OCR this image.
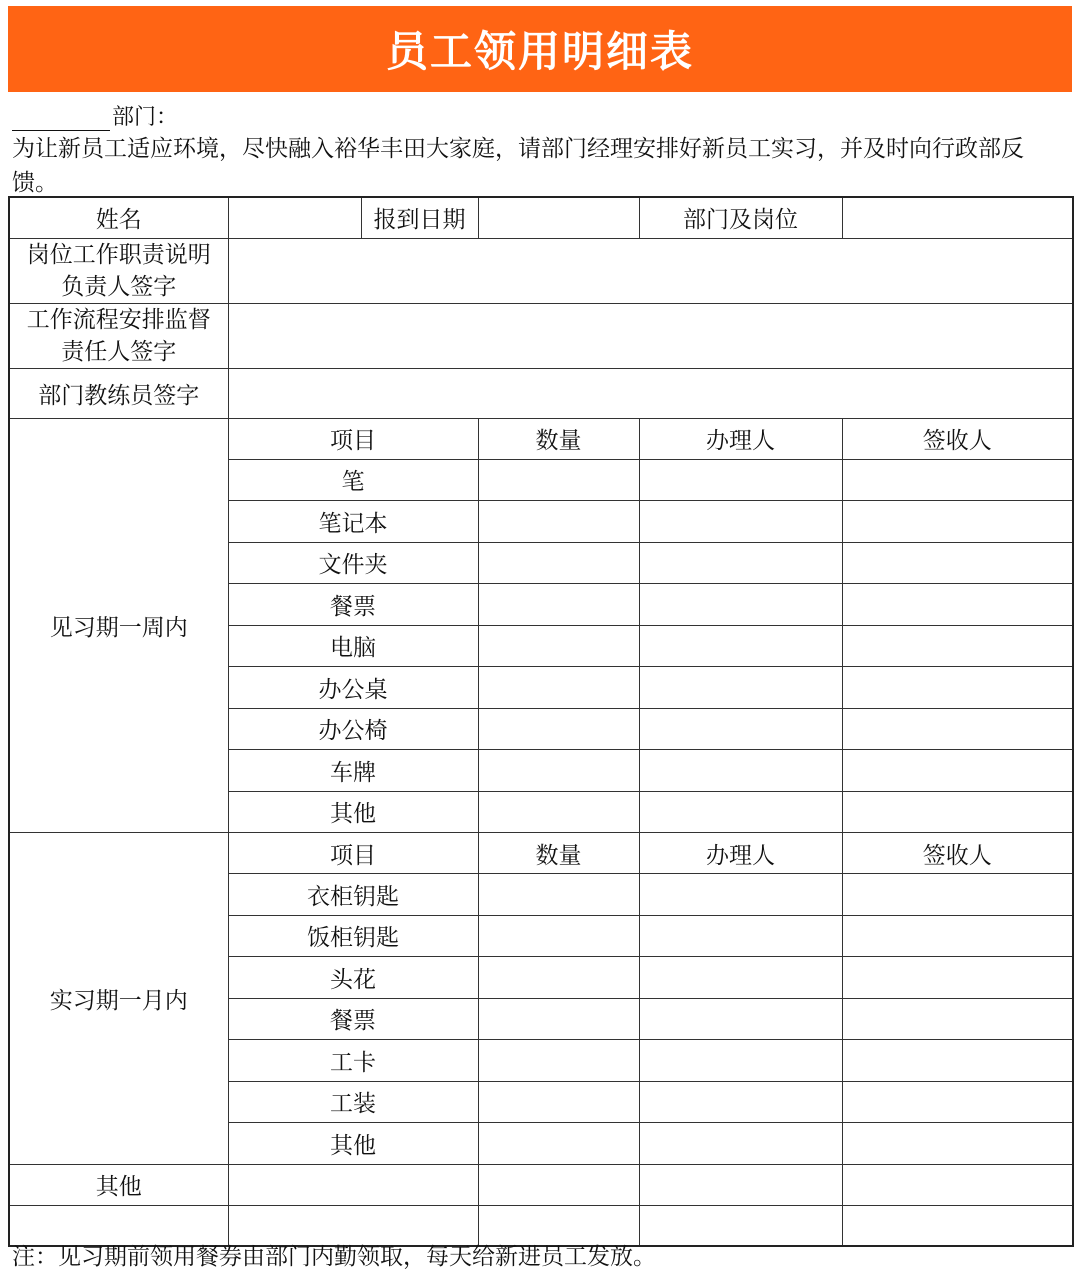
员工领用明细表
部门：
为让新员工适应环境，尽快融入裕华丰田大家庭，请部门经理安排好新员工实习，并及时向行政部反馈。
姓名		报到日期		部门及岗位	

岗位工作职责说明
负责人签字					

工作流程安排监督
责任人签字					

部门教练员签字					
见习期一周内	项目		数量	办理人	签收人
	笔				
	笔记本				
	文件夹				
	餐票				
	电脑				
	办公桌				
	办公椅				
	车牌				
	其他				
实习期一月内	项目		数量	办理人	签收人
	衣柜钥匙				
	饭柜钥匙				
	头花				
	餐票				
	工卡				
	工装				
	其他				
其他					

注：见习期前领用餐券由部门内勤领取，每天给新进员工发放。
